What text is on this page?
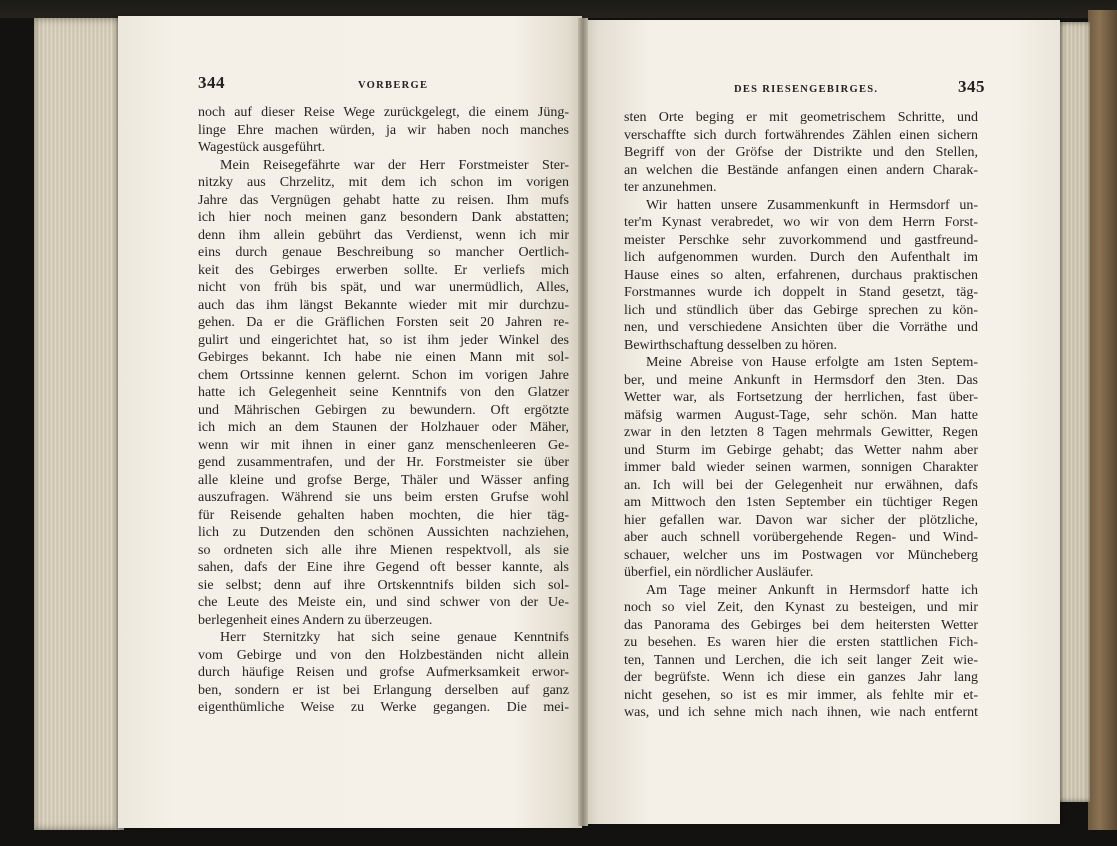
344	VORBERGE
noch auf dieser Reise Wege zurückgelegt, die einem Jüng-
linge Ehre machen würden, ja wir haben noch manches
Wagestück ausgeführt.
Mein Reisegefährte war der Herr Forstmeister Ster-
nitzky aus Chrzelitz, mit dem ich schon im vorigen
Jahre das Vergnügen gehabt hatte zu reisen. Ihm mufs
ich hier noch meinen ganz besondern Dank abstatten;
denn ihm allein gebührt das Verdienst, wenn ich mir
eins durch genaue Beschreibung so mancher Oertlich-
keit des Gebirges erwerben sollte. Er verliefs mich
nicht von früh bis spät, und war unermüdlich, Alles,
auch das ihm längst Bekannte wieder mit mir durchzu-
gehen. Da er die Gräflichen Forsten seit 20 Jahren re-
gulirt und eingerichtet hat, so ist ihm jeder Winkel des
Gebirges bekannt. Ich habe nie einen Mann mit sol-
chem Ortssinne kennen gelernt. Schon im vorigen Jahre
hatte ich Gelegenheit seine Kenntnifs von den Glatzer
und Mährischen Gebirgen zu bewundern. Oft ergötzte
ich mich an dem Staunen der Holzhauer oder Mäher,
wenn wir mit ihnen in einer ganz menschenleeren Ge-
gend zusammentrafen, und der Hr. Forstmeister sie über
alle kleine und grofse Berge, Thäler und Wässer anfing
auszufragen. Während sie uns beim ersten Grufse wohl
für Reisende gehalten haben mochten, die hier täg-
lich zu Dutzenden den schönen Aussichten nachziehen,
so ordneten sich alle ihre Mienen respektvoll, als sie
sahen, dafs der Eine ihre Gegend oft besser kannte, als
sie selbst; denn auf ihre Ortskenntnifs bilden sich sol-
che Leute des Meiste ein, und sind schwer von der Ue-
berlegenheit eines Andern zu überzeugen.
Herr Sternitzky hat sich seine genaue Kenntnifs
vom Gebirge und von den Holzbeständen nicht allein
durch häufige Reisen und grofse Aufmerksamkeit erwor-
ben, sondern er ist bei Erlangung derselben auf ganz
eigenthümliche Weise zu Werke gegangen. Die mei-
345
DES RIESENGEBIRGES.
sten Orte beging er mit geometrischem Schritte, und
verschaffte sich durch fortwährendes Zählen einen sichern
Begriff von der Gröfse der Distrikte und den Stellen,
an welchen die Bestände anfangen einen andern Charak-
ter anzunehmen.
Wir hatten unsere Zusammenkunft in Hermsdorf un-
ter'm Kynast verabredet, wo wir von dem Herrn Forst-
meister Perschke sehr zuvorkommend und gastfreund-
lich aufgenommen wurden. Durch den Aufenthalt im
Hause eines so alten, erfahrenen, durchaus praktischen
Forstmannes wurde ich doppelt in Stand gesetzt, täg-
lich und stündlich über das Gebirge sprechen zu kön-
nen, und verschiedene Ansichten über die Vorräthe und
Bewirthschaftung desselben zu hören.
Meine Abreise von Hause erfolgte am 1sten Septem-
ber, und meine Ankunft in Hermsdorf den 3ten. Das
Wetter war, als Fortsetzung der herrlichen, fast über-
mäfsig warmen August-Tage, sehr schön. Man hatte
zwar in den letzten 8 Tagen mehrmals Gewitter, Regen
und Sturm im Gebirge gehabt; das Wetter nahm aber
immer bald wieder seinen warmen, sonnigen Charakter
an. Ich will bei der Gelegenheit nur erwähnen, dafs
am Mittwoch den 1sten September ein tüchtiger Regen
hier gefallen war. Davon war sicher der plötzliche,
aber auch schnell vorübergehende Regen- und Wind-
schauer, welcher uns im Postwagen vor Müncheberg
überfiel, ein nördlicher Ausläufer.
Am Tage meiner Ankunft in Hermsdorf hatte ich
noch so viel Zeit, den Kynast zu besteigen, und mir
das Panorama des Gebirges bei dem heitersten Wetter
zu besehen. Es waren hier die ersten stattlichen Fich-
ten, Tannen und Lerchen, die ich seit langer Zeit wie-
der begrüfste. Wenn ich diese ein ganzes Jahr lang
nicht gesehen, so ist es mir immer, als fehlte mir et-
was, und ich sehne mich nach ihnen, wie nach entfernt
